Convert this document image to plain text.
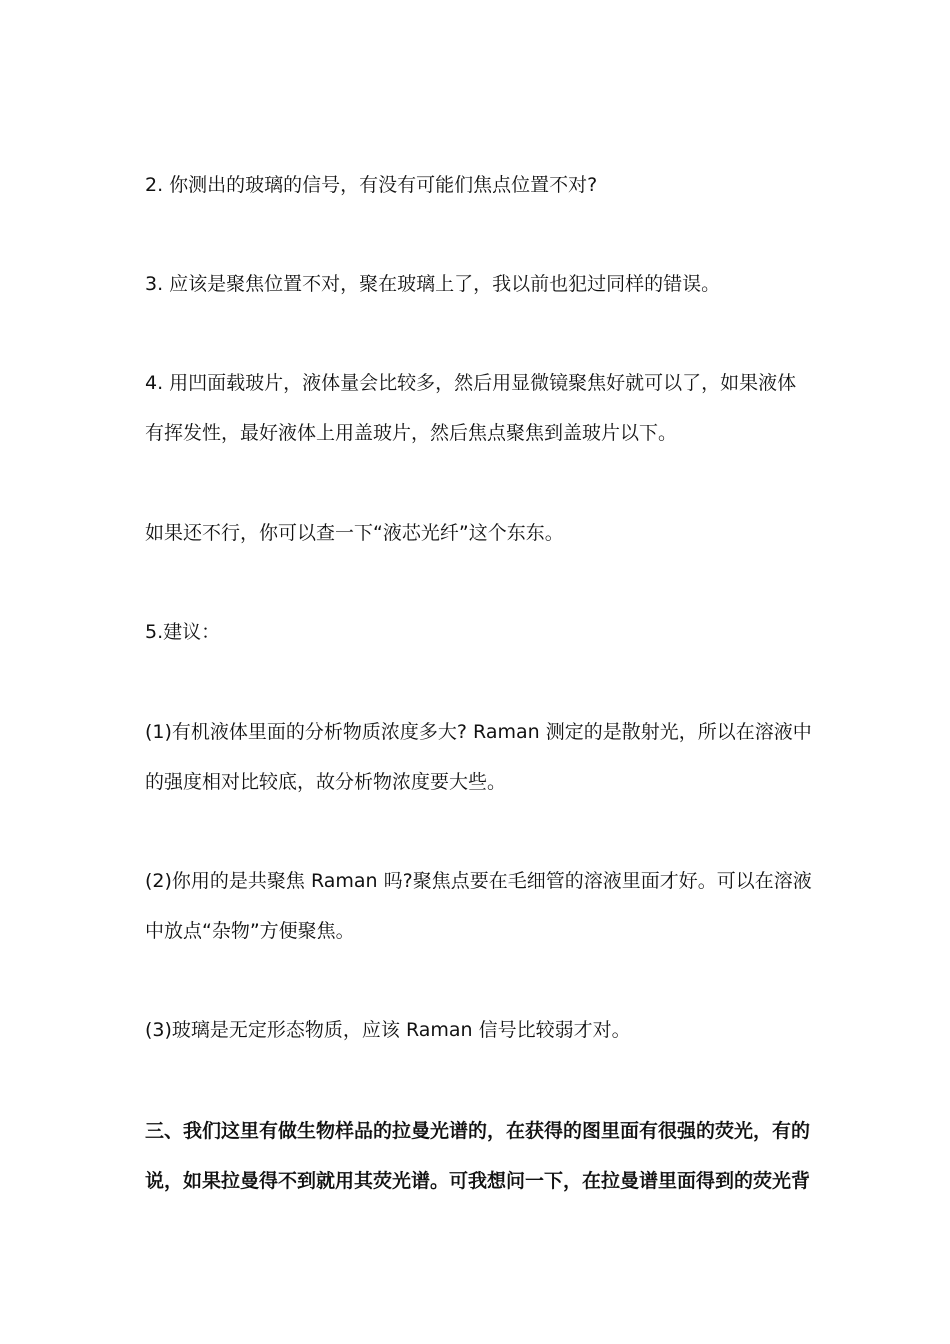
2. 你测出的玻璃的信号，有没有可能们焦点位置不对?
3. 应该是聚焦位置不对，聚在玻璃上了，我以前也犯过同样的错误。
4. 用凹面载玻片，液体量会比较多，然后用显微镜聚焦好就可以了，如果液体
有挥发性，最好液体上用盖玻片，然后焦点聚焦到盖玻片以下。
如果还不行，你可以查一下“液芯光纤”这个东东。
5.建议：
(1)有机液体里面的分析物质浓度多大? Raman 测定的是散射光，所以在溶液中
的强度相对比较底，故分析物浓度要大些。
(2)你用的是共聚焦 Raman 吗?聚焦点要在毛细管的溶液里面才好。可以在溶液
中放点“杂物”方便聚焦。
(3)玻璃是无定形态物质，应该 Raman 信号比较弱才对。
三、我们这里有做生物样品的拉曼光谱的，在获得的图里面有很强的荧光，有的
说，如果拉曼得不到就用其荧光谱。可我想问一下，在拉曼谱里面得到的荧光背
